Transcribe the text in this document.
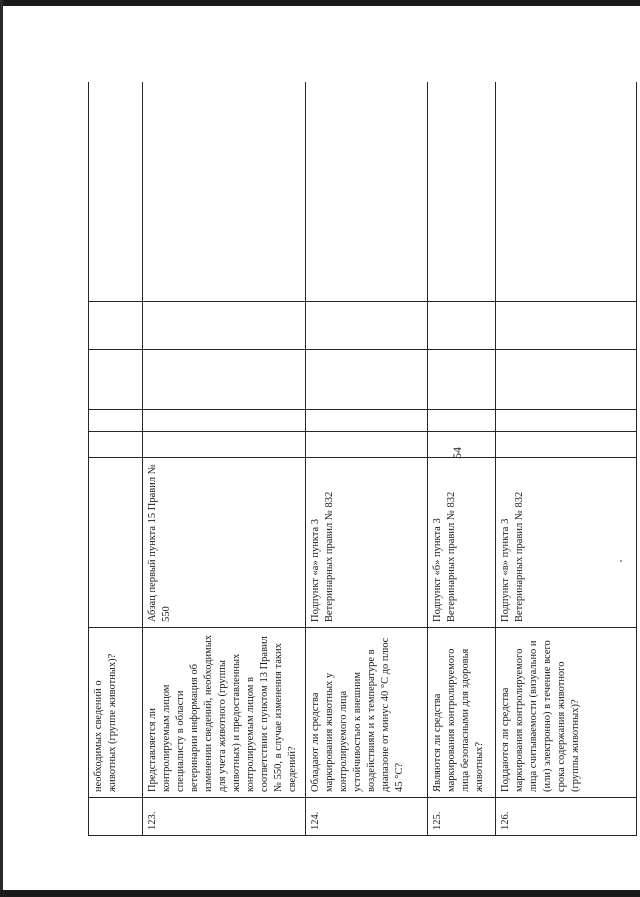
54
	необходимых сведений о животных (группе животных)?						
123.	Представляется ли контролируемым лицом специалисту в области ветеринарии информация об изменении сведений, необходимых для учета животного (группы животных) и предоставленных контролируемым лицом в соответствии с пунктом 13 Правил № 550, в случае изменения таких сведений?	Абзац первый пункта 15 Правил № 550					
124.	Обладают ли средства маркирования животных у контролируемого лица устойчивостью к внешним воздействиям и к температуре в диапазоне от минус 40 °С до плюс 45 °С?	Подпункт «а» пункта 3 Ветеринарных правил № 832					
125.	Являются ли средства маркирования контролируемого лица безопасными для здоровья животных?	Подпункт «б» пункта 3 Ветеринарных правил № 832					
126.	Поддаются ли средства маркирования контролируемого лица считываемости (визуально и (или) электронно) в течение всего срока содержания животного (группы животных)?	Подпункт «в» пункта 3 Ветеринарных правил № 832					
